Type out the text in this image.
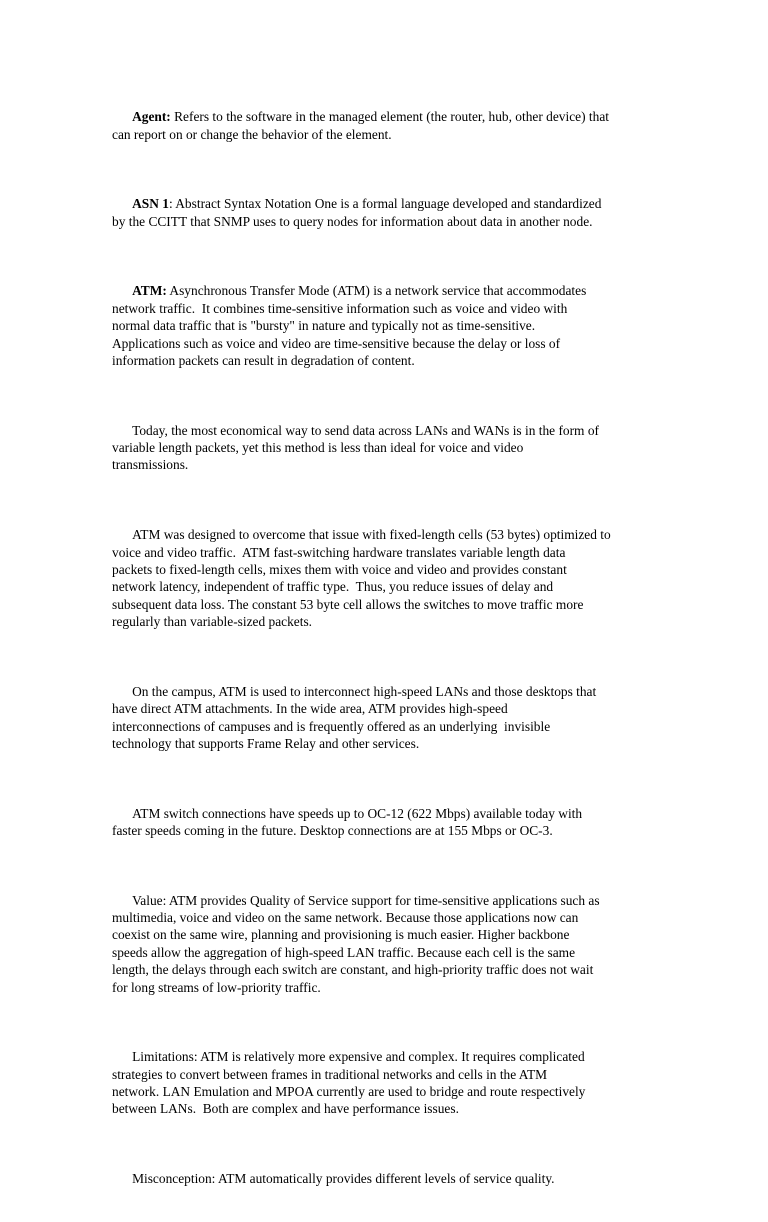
Agent: Refers to the software in the managed element (the router, hub, other device) that
can report on or change the behavior of the element.

ASN 1: Abstract Syntax Notation One is a formal language developed and standardized
by the CCITT that SNMP uses to query nodes for information about data in another node.

ATM: Asynchronous Transfer Mode (ATM) is a network service that accommodates
network traffic.  It combines time-sensitive information such as voice and video with
normal data traffic that is "bursty" in nature and typically not as time-sensitive.
Applications such as voice and video are time-sensitive because the delay or loss of
information packets can result in degradation of content.

Today, the most economical way to send data across LANs and WANs is in the form of
variable length packets, yet this method is less than ideal for voice and video
transmissions.

ATM was designed to overcome that issue with fixed-length cells (53 bytes) optimized to
voice and video traffic.  ATM fast-switching hardware translates variable length data
packets to fixed-length cells, mixes them with voice and video and provides constant
network latency, independent of traffic type.  Thus, you reduce issues of delay and
subsequent data loss. The constant 53 byte cell allows the switches to move traffic more
regularly than variable-sized packets.

On the campus, ATM is used to interconnect high-speed LANs and those desktops that
have direct ATM attachments. In the wide area, ATM provides high-speed
interconnections of campuses and is frequently offered as an underlying  invisible
technology that supports Frame Relay and other services.

ATM switch connections have speeds up to OC-12 (622 Mbps) available today with
faster speeds coming in the future. Desktop connections are at 155 Mbps or OC-3.

Value: ATM provides Quality of Service support for time-sensitive applications such as
multimedia, voice and video on the same network. Because those applications now can
coexist on the same wire, planning and provisioning is much easier. Higher backbone
speeds allow the aggregation of high-speed LAN traffic. Because each cell is the same
length, the delays through each switch are constant, and high-priority traffic does not wait
for long streams of low-priority traffic.

Limitations: ATM is relatively more expensive and complex. It requires complicated
strategies to convert between frames in traditional networks and cells in the ATM
network. LAN Emulation and MPOA currently are used to bridge and route respectively
between LANs.  Both are complex and have performance issues.

Misconception: ATM automatically provides different levels of service quality.
